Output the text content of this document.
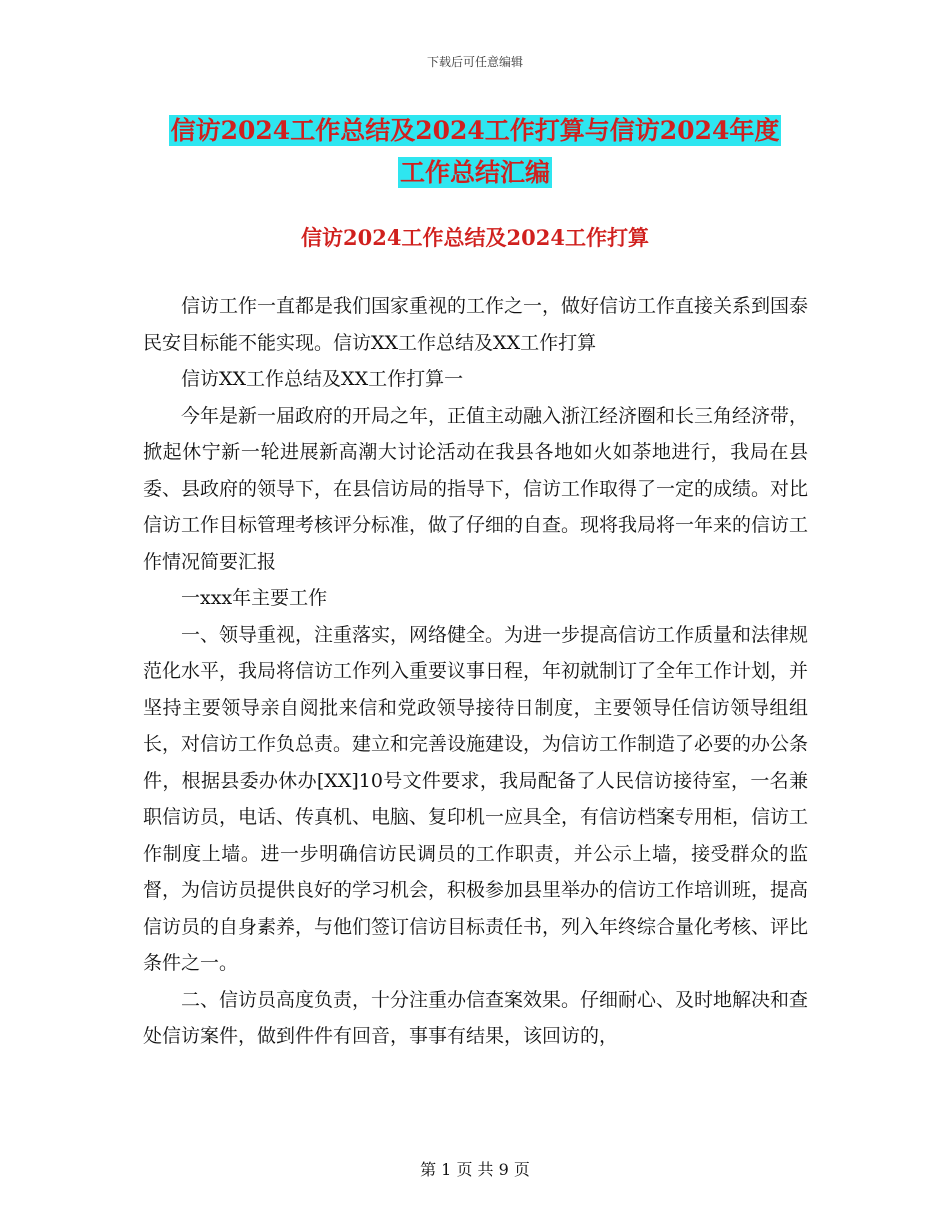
下载后可任意编辑
信访2024工作总结及2024工作打算与信访2024年度
工作总结汇编
信访2024工作总结及2024工作打算

信访工作一直都是我们国家重视的工作之一，做好信访工作直接关系到国泰民安目标能不能实现。信访XX工作总结及XX工作打算

信访XX工作总结及XX工作打算一

今年是新一届政府的开局之年，正值主动融入浙江经济圈和长三角经济带，掀起休宁新一轮进展新高潮大讨论活动在我县各地如火如荼地进行，我局在县委、县政府的领导下，在县信访局的指导下，信访工作取得了一定的成绩。对比信访工作目标管理考核评分标准，做了仔细的自查。现将我局将一年来的信访工作情况简要汇报

一xxx年主要工作

一、领导重视，注重落实，网络健全。为进一步提高信访工作质量和法律规范化水平，我局将信访工作列入重要议事日程，年初就制订了全年工作计划，并坚持主要领导亲自阅批来信和党政领导接待日制度，主要领导任信访领导组组长，对信访工作负总责。建立和完善设施建设，为信访工作制造了必要的办公条件，根据县委办休办[XX]10号文件要求，我局配备了人民信访接待室，一名兼职信访员，电话、传真机、电脑、复印机一应具全，有信访档案专用柜，信访工作制度上墙。进一步明确信访民调员的工作职责，并公示上墙，接受群众的监督，为信访员提供良好的学习机会，积极参加县里举办的信访工作培训班，提高信访员的自身素养，与他们签订信访目标责任书，列入年终综合量化考核、评比条件之一。

二、信访员高度负责，十分注重办信查案效果。仔细耐心、及时地解决和查处信访案件，做到件件有回音，事事有结果，该回访的，

第 1 页 共 9 页
